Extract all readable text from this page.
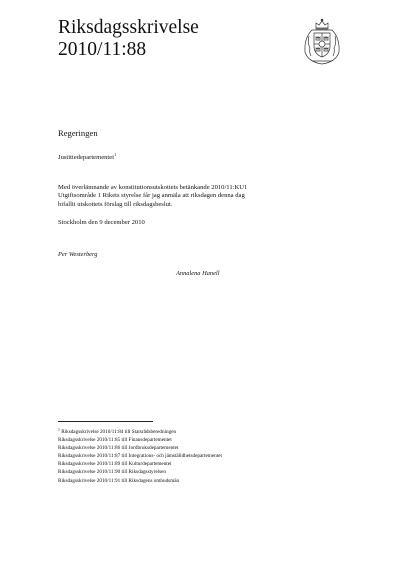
Riksdagsskrivelse
2010/11:88
Regeringen
Justitiedepartementet$^1$
Med överlämnande av konstitutionsutskottets betänkande 2010/11:KU1
Utgiftsområde 1 Rikets styrelse får jag anmäla att riksdagen denna dag
bifallit utskottets förslag till riksdagsbeslut.
Stockholm den 9 december 2010
Per Westerberg
Annalena Hanell
$^1$ Riksdagsskrivelse 2010/11:84 till Statsrådsberedningen
Riksdagsskrivelse 2010/11:85 till Finansdepartementet
Riksdagsskrivelse 2010/11:86 till Jordbruksdepartementet
Riksdagsskrivelse 2010/11:87 till Integrations- och jämställdhetsdepartementet
Riksdagsskrivelse 2010/11:89 till Kulturdepartementet
Riksdagsskrivelse 2010/11:90 till Riksdagsstyrelsen
Riksdagsskrivelse 2010/11:91 till Riksdagens ombudsmän
